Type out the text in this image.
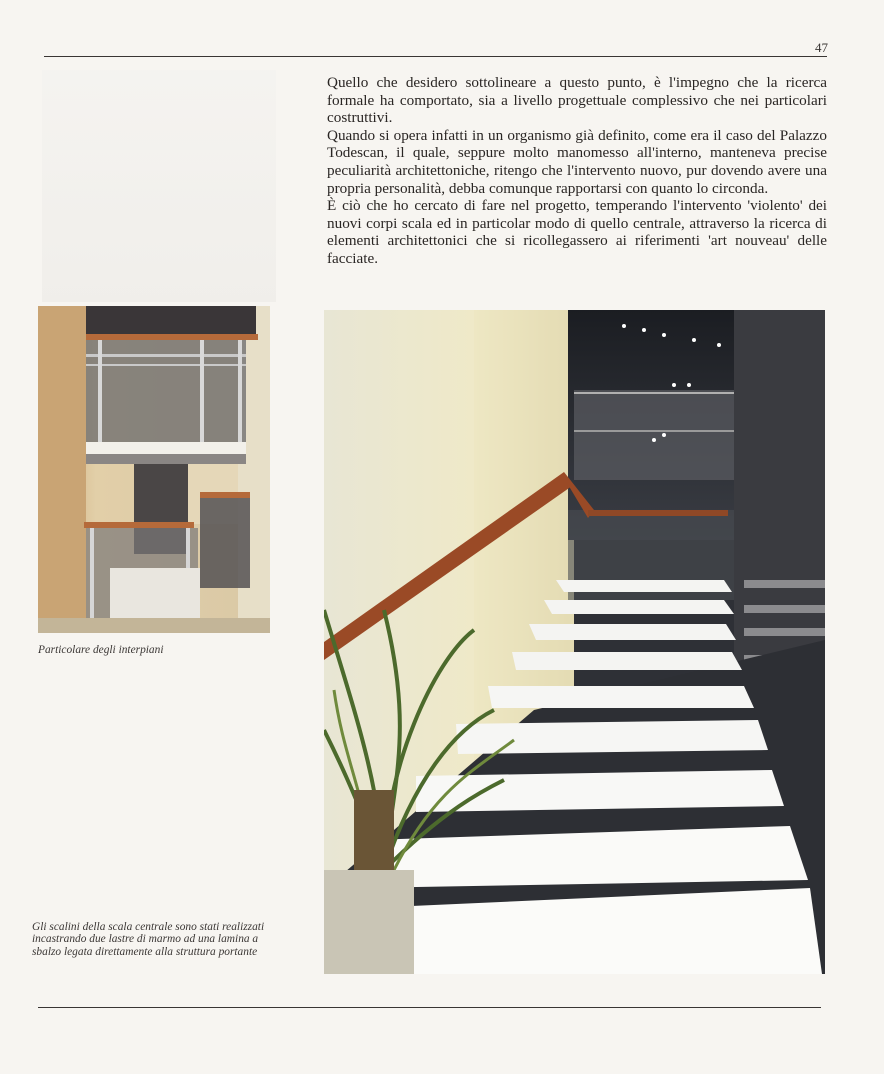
47

Quello che desidero sottolineare a questo punto, è l'impegno che la ricerca formale ha comportato, sia a livello progettuale complessivo che nei particolari costruttivi.

Quando si opera infatti in un organismo già definito, come era il caso del Palazzo Todescan, il quale, seppure molto manomesso all'interno, manteneva precise peculiarità architettoniche, ritengo che l'intervento nuovo, pur dovendo avere una propria personalità, debba comunque rapportarsi con quanto lo circonda.

È ciò che ho cercato di fare nel progetto, temperando l'intervento 'violento' dei nuovi corpi scala ed in particolar modo di quello centrale, attraverso la ricerca di elementi architettonici che si ricollegassero ai riferimenti 'art nouveau' delle facciate.

Particolare degli interpiani

Gli scalini della scala centrale sono stati realizzati incastrando due lastre di marmo ad una lamina a sbalzo legata direttamente alla struttura portante
